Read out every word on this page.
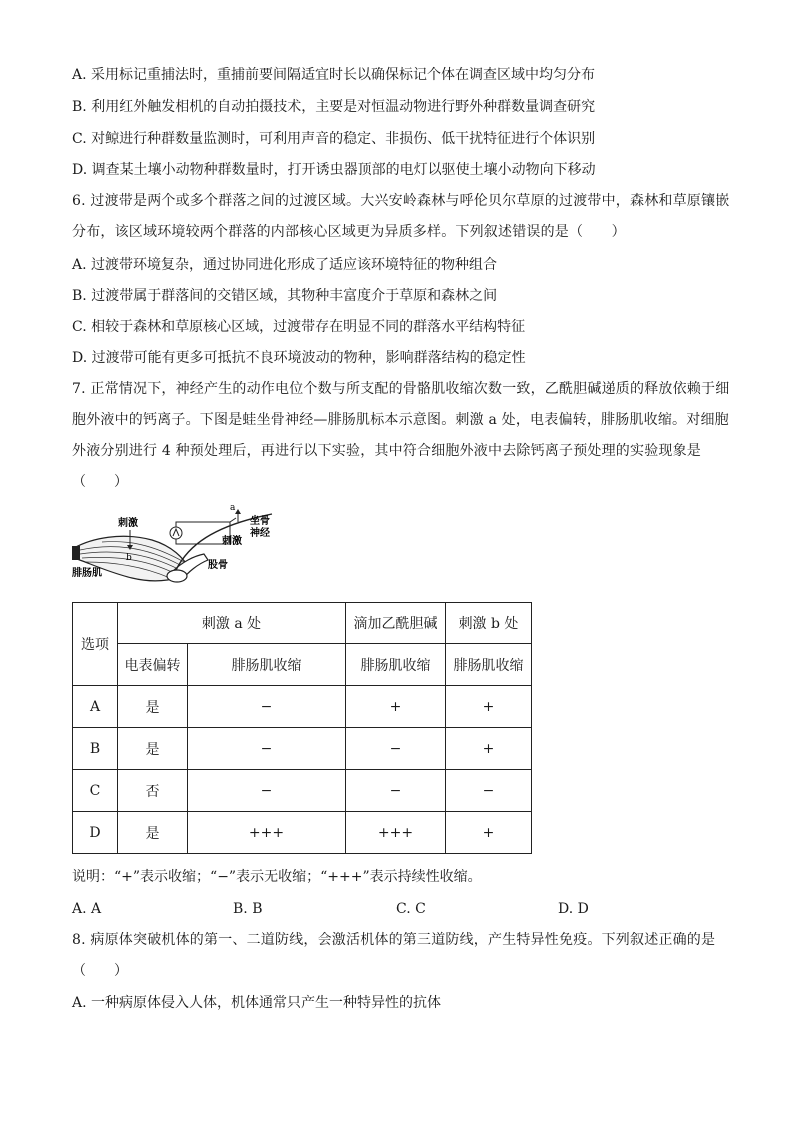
A. 采用标记重捕法时，重捕前要间隔适宜时长以确保标记个体在调查区域中均匀分布
B. 利用红外触发相机的自动拍摄技术，主要是对恒温动物进行野外种群数量调查研究
C. 对鲸进行种群数量监测时，可利用声音的稳定、非损伤、低干扰特征进行个体识别
D. 调查某土壤小动物种群数量时，打开诱虫器顶部的电灯以驱使土壤小动物向下移动
6. 过渡带是两个或多个群落之间的过渡区域。大兴安岭森林与呼伦贝尔草原的过渡带中，森林和草原镶嵌
分布，该区域环境较两个群落的内部核心区域更为异质多样。下列叙述错误的是（　　）
A. 过渡带环境复杂，通过协同进化形成了适应该环境特征的物种组合
B. 过渡带属于群落间的交错区域，其物种丰富度介于草原和森林之间
C. 相较于森林和草原核心区域，过渡带存在明显不同的群落水平结构特征
D. 过渡带可能有更多可抵抗不良环境波动的物种，影响群落结构的稳定性
7. 正常情况下，神经产生的动作电位个数与所支配的骨骼肌收缩次数一致，乙酰胆碱递质的释放依赖于细
胞外液中的钙离子。下图是蛙坐骨神经—腓肠肌标本示意图。刺激 a 处，电表偏转，腓肠肌收缩。对细胞
外液分别进行 4 种预处理后，再进行以下实验，其中符合细胞外液中去除钙离子预处理的实验现象是
（　　）
刺激
b
a
刺激
坐骨
神经
股骨
腓肠肌
选项	刺激 a 处		滴加乙酰胆碱	刺激 b 处
	电表偏转	腓肠肌收缩	腓肠肌收缩	腓肠肌收缩
A	是	−	+	+
B	是	−	−	+
C	否	−	−	−
D	是	+++	+++	+
说明：“+”表示收缩；“−”表示无收缩；“+++”表示持续性收缩。
A. A	B. B	C. C	D. D
8. 病原体突破机体的第一、二道防线，会激活机体的第三道防线，产生特异性免疫。下列叙述正确的是
（　　）
A. 一种病原体侵入人体，机体通常只产生一种特异性的抗体
